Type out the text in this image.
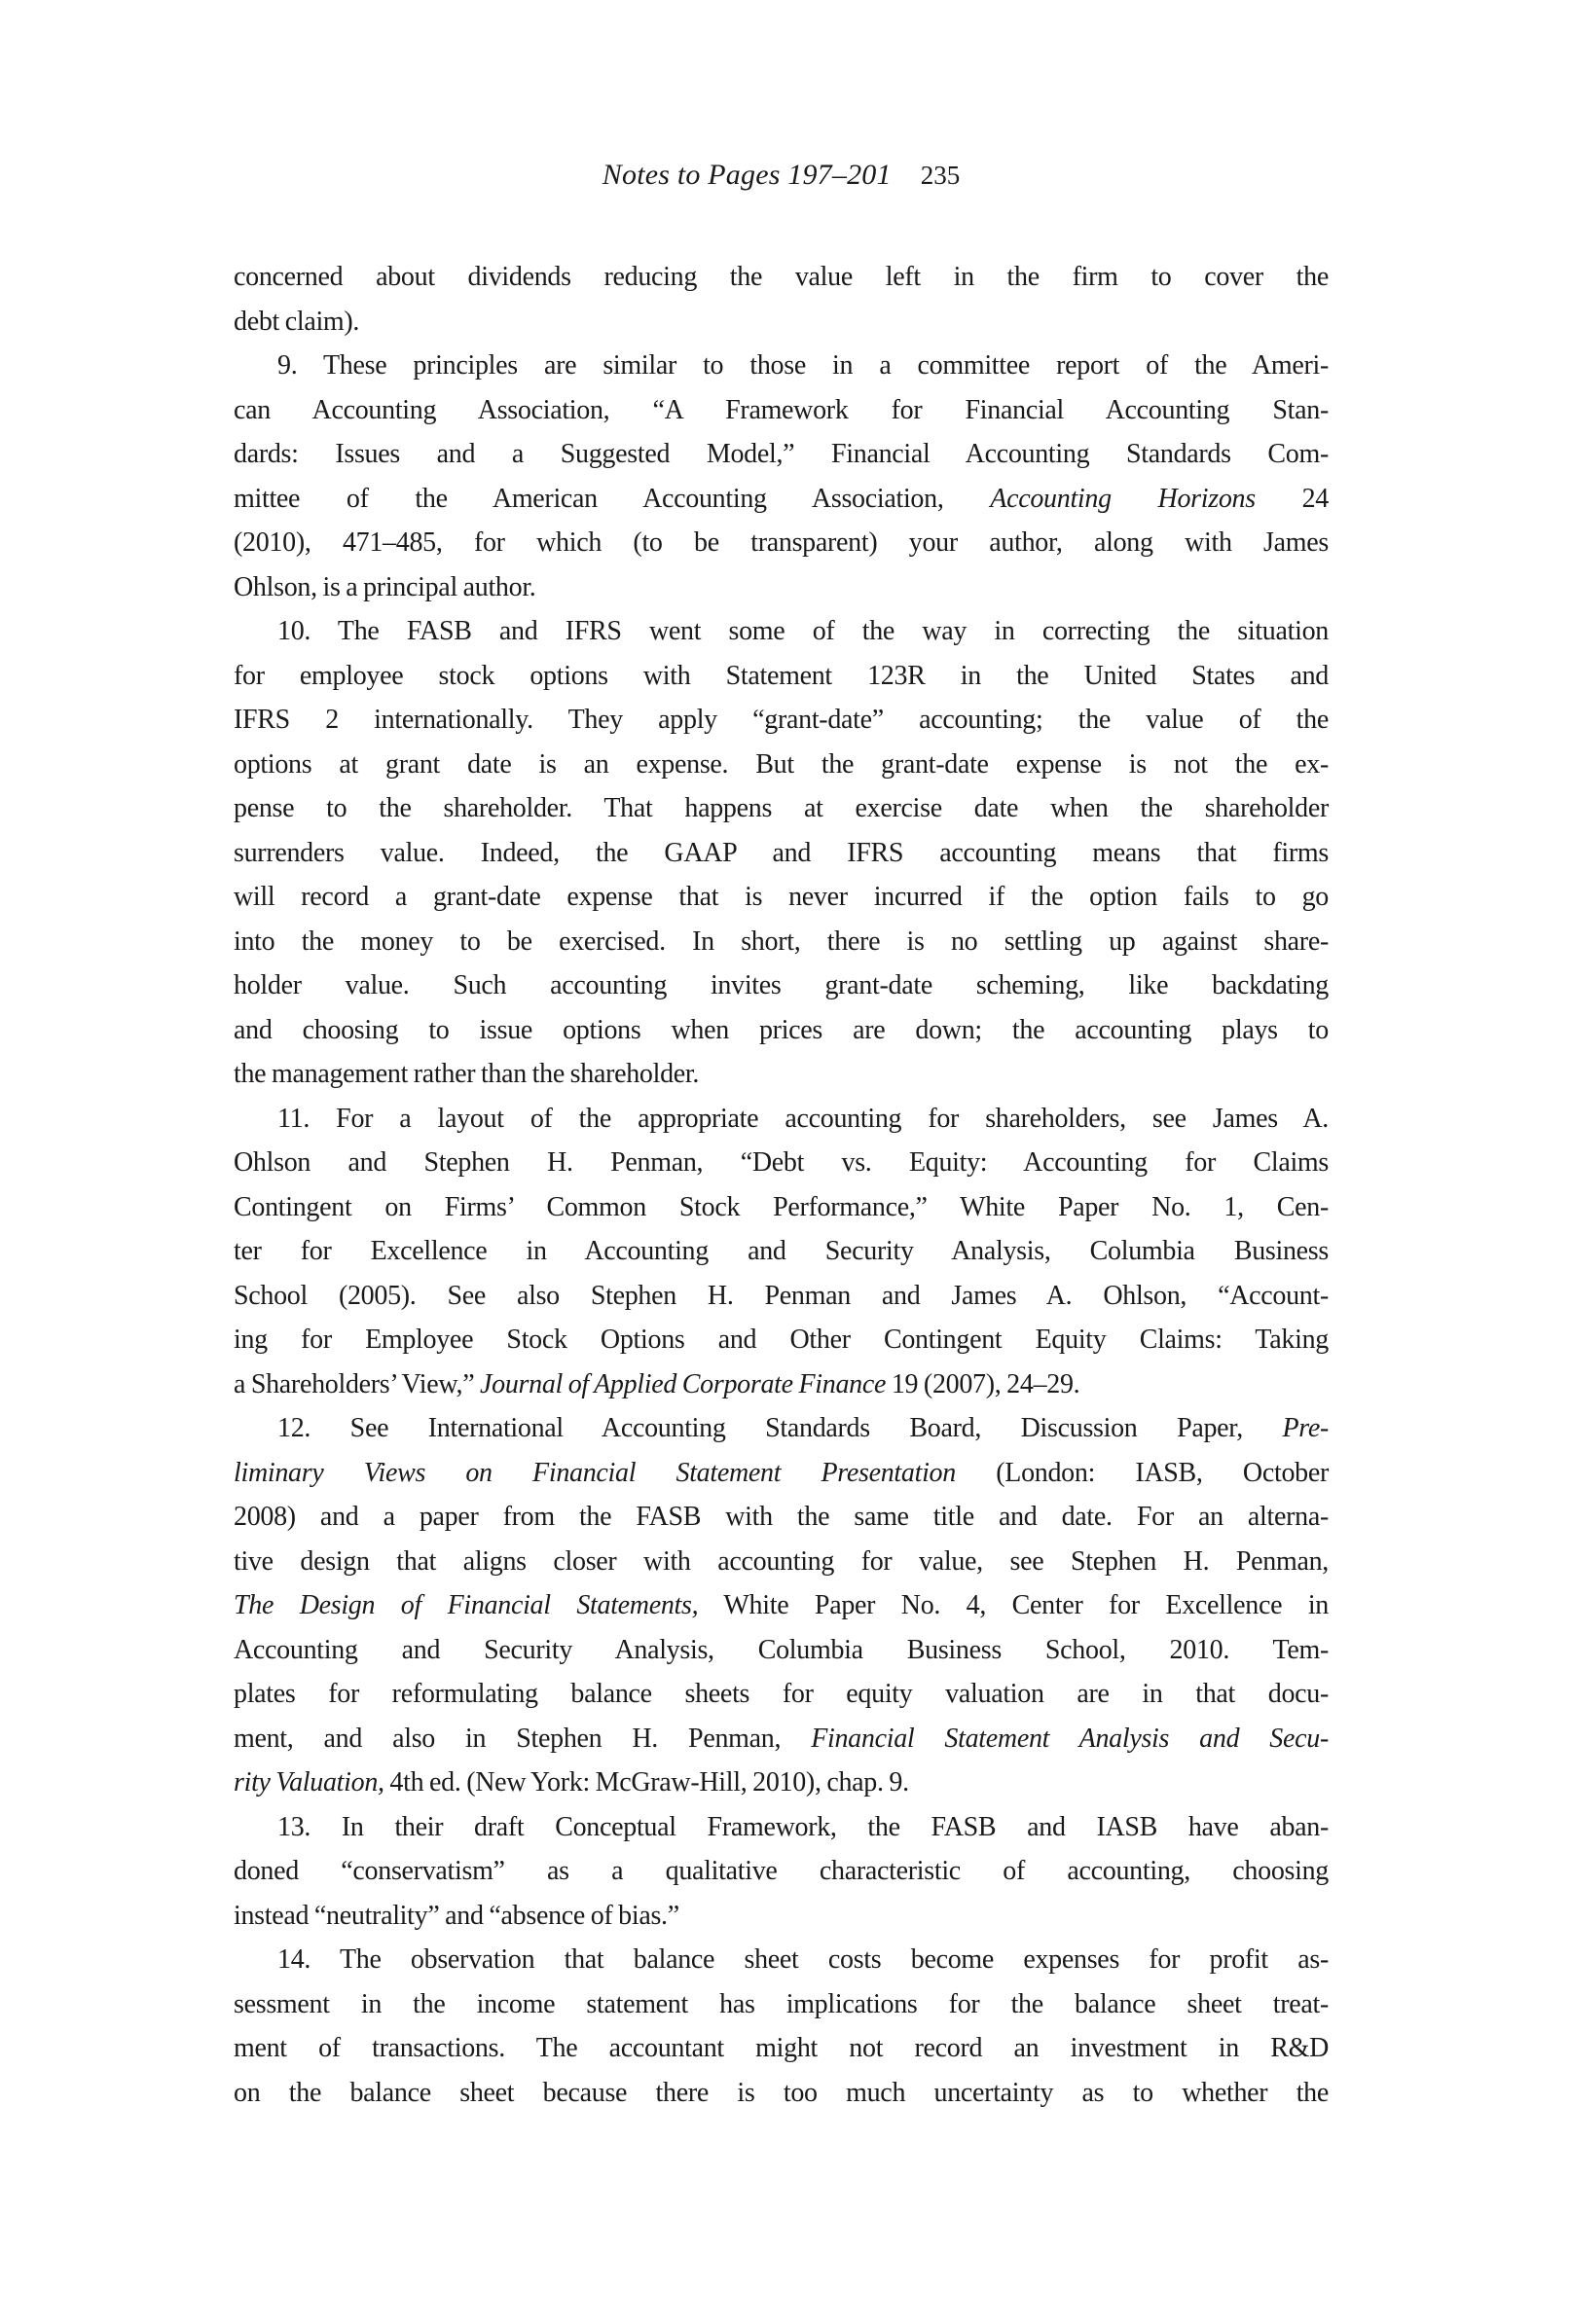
Notes to Pages 197–201 235
concerned about dividends reducing the value left in the firm to cover the
debt claim).
9. These principles are similar to those in a committee report of the Ameri-
can Accounting Association, “A Framework for Financial Accounting Stan-
dards: Issues and a Suggested Model,” Financial Accounting Standards Com-
mittee of the American Accounting Association, Accounting Horizons 24
(2010), 471–485, for which (to be transparent) your author, along with James
Ohlson, is a principal author.
10. The FASB and IFRS went some of the way in correcting the situation
for employee stock options with Statement 123R in the United States and
IFRS 2 internationally. They apply “grant-date” accounting; the value of the
options at grant date is an expense. But the grant-date expense is not the ex-
pense to the shareholder. That happens at exercise date when the shareholder
surrenders value. Indeed, the GAAP and IFRS accounting means that firms
will record a grant-date expense that is never incurred if the option fails to go
into the money to be exercised. In short, there is no settling up against share-
holder value. Such accounting invites grant-date scheming, like backdating
and choosing to issue options when prices are down; the accounting plays to
the management rather than the shareholder.
11. For a layout of the appropriate accounting for shareholders, see James A.
Ohlson and Stephen H. Penman, “Debt vs. Equity: Accounting for Claims
Contingent on Firms’ Common Stock Performance,” White Paper No. 1, Cen-
ter for Excellence in Accounting and Security Analysis, Columbia Business
School (2005). See also Stephen H. Penman and James A. Ohlson, “Account-
ing for Employee Stock Options and Other Contingent Equity Claims: Taking
a Shareholders’ View,” Journal of Applied Corporate Finance 19 (2007), 24–29.
12. See International Accounting Standards Board, Discussion Paper, Pre-
liminary Views on Financial Statement Presentation (London: IASB, October
2008) and a paper from the FASB with the same title and date. For an alterna-
tive design that aligns closer with accounting for value, see Stephen H. Penman,
The Design of Financial Statements, White Paper No. 4, Center for Excellence in
Accounting and Security Analysis, Columbia Business School, 2010. Tem-
plates for reformulating balance sheets for equity valuation are in that docu-
ment, and also in Stephen H. Penman, Financial Statement Analysis and Secu-
rity Valuation, 4th ed. (New York: McGraw-Hill, 2010), chap. 9.
13. In their draft Conceptual Framework, the FASB and IASB have aban-
doned “conservatism” as a qualitative characteristic of accounting, choosing
instead “neutrality” and “absence of bias.”
14. The observation that balance sheet costs become expenses for profit as-
sessment in the income statement has implications for the balance sheet treat-
ment of transactions. The accountant might not record an investment in R&D
on the balance sheet because there is too much uncertainty as to whether the
